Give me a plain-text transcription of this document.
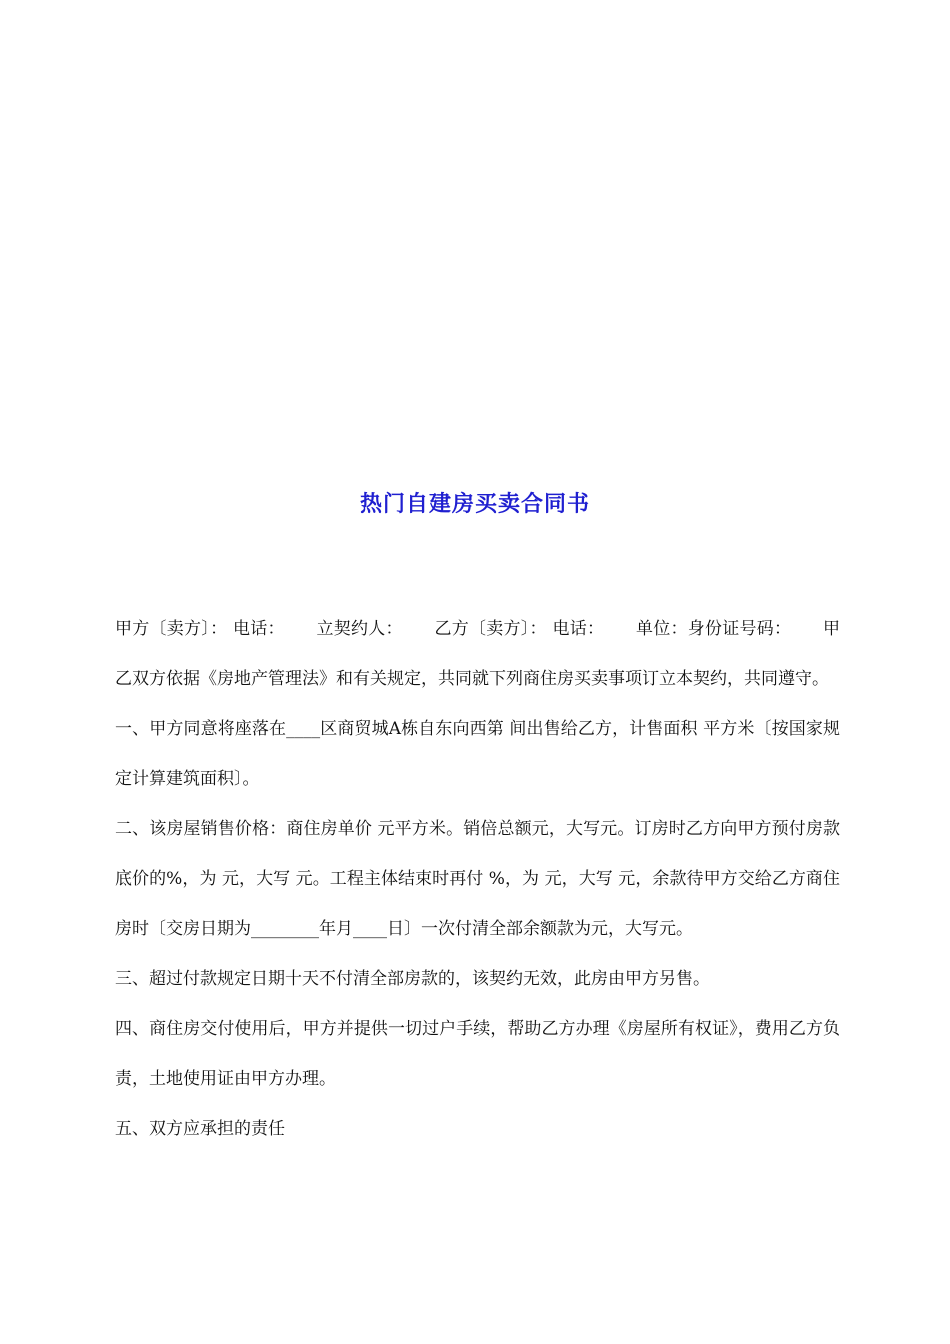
热门自建房买卖合同书

甲方〔卖方〕： 电话：　　 立契约人：　　 乙方〔卖方〕： 电话：　　 单位：身份证号码：　　 甲乙双方依据《房地产管理法》和有关规定，共同就下列商住房买卖事项订立本契约，共同遵守。

一、甲方同意将座落在____区商贸城A栋自东向西第 间出售给乙方，计售面积 平方米〔按国家规定计算建筑面积〕。

二、该房屋销售价格：商住房单价 元平方米。销倍总额元，大写元。订房时乙方向甲方预付房款底价的%，为 元，大写 元。工程主体结束时再付 %，为 元，大写 元，余款待甲方交给乙方商住房时〔交房日期为________年月____日〕一次付清全部余额款为元，大写元。

三、超过付款规定日期十天不付清全部房款的，该契约无效，此房由甲方另售。

四、商住房交付使用后，甲方并提供一切过户手续，帮助乙方办理《房屋所有权证》，费用乙方负责，土地使用证由甲方办理。

五、双方应承担的责任
